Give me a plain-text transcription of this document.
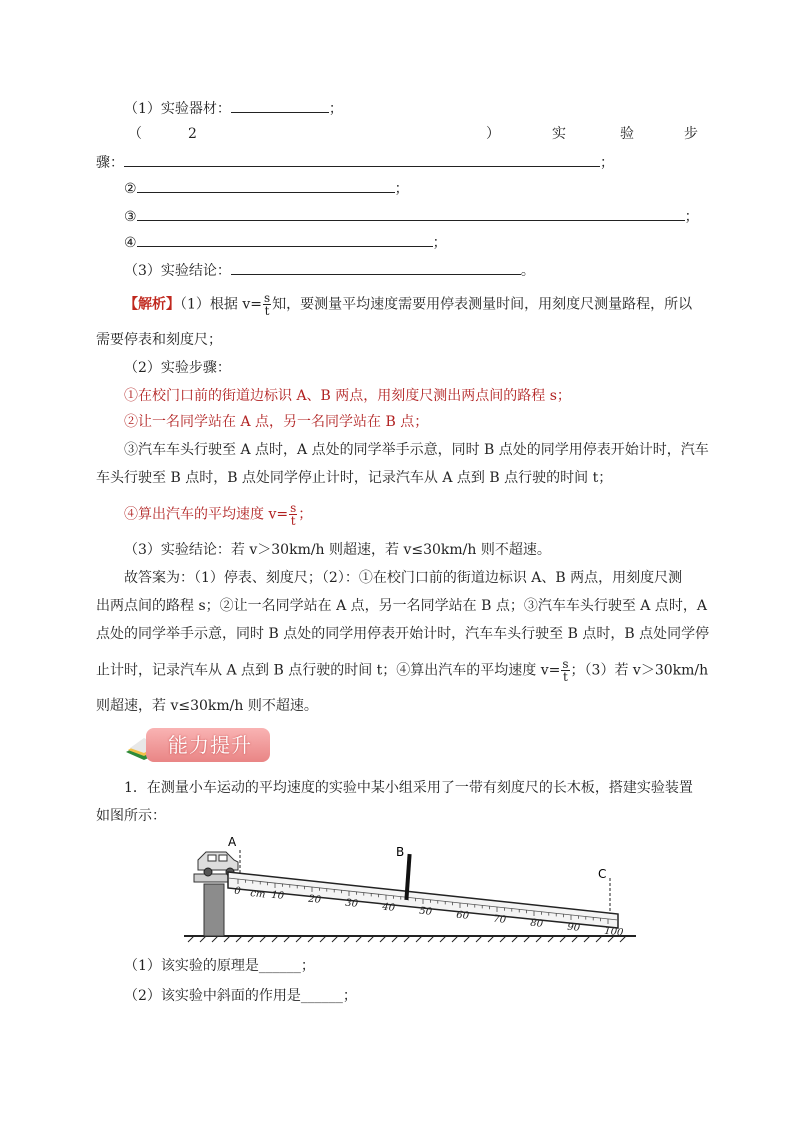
（1）实验器材：	；
（	2	）	实	验	步
骤：	；
②	；
③	；
④	；
（3）实验结论：	。
【解析】（1）根据 $v= \frac{s}{t}$ 知，要测量平均速度需要用停表测量时间，用刻度尺测量路程，所以
需要停表和刻度尺；
（2）实验步骤：
①在校门口前的街道边标识 A、B 两点，用刻度尺测出两点间的路程 s；
②让一名同学站在 A 点，另一名同学站在 B 点；
③汽车车头行驶至 A 点时，A 点处的同学举手示意，同时 B 点处的同学用停表开始计时，汽车
车头行驶至 B 点时，B 点处同学停止计时，记录汽车从 A 点到 B 点行驶的时间 t；
④算出汽车的平均速度 $v= \frac{s}{t}$ ；
（3）实验结论：若 v＞30km/h 则超速，若 v≤30km/h 则不超速。
故答案为：（1）停表、刻度尺；（2）：①在校门口前的街道边标识 A、B 两点，用刻度尺测
出两点间的路程 s；②让一名同学站在 A 点，另一名同学站在 B 点；③汽车车头行驶至 A 点时，A
点处的同学举手示意，同时 B 点处的同学用停表开始计时，汽车车头行驶至 B 点时，B 点处同学停
止计时，记录汽车从 A 点到 B 点行驶的时间 t；④算出汽车的平均速度 $v= \frac{s}{t}$ ；（3）若 v＞30km/h
则超速，若 v≤30km/h 则不超速。
能力提升
1．在测量小车运动的平均速度的实验中某小组采用了一带有刻度尺的长木板，搭建实验装置
如图所示：
A
0	10 20 30 40 50 60 70 80 90 100
cm
B
C
（1）该实验的原理是______；
（2）该实验中斜面的作用是______；
